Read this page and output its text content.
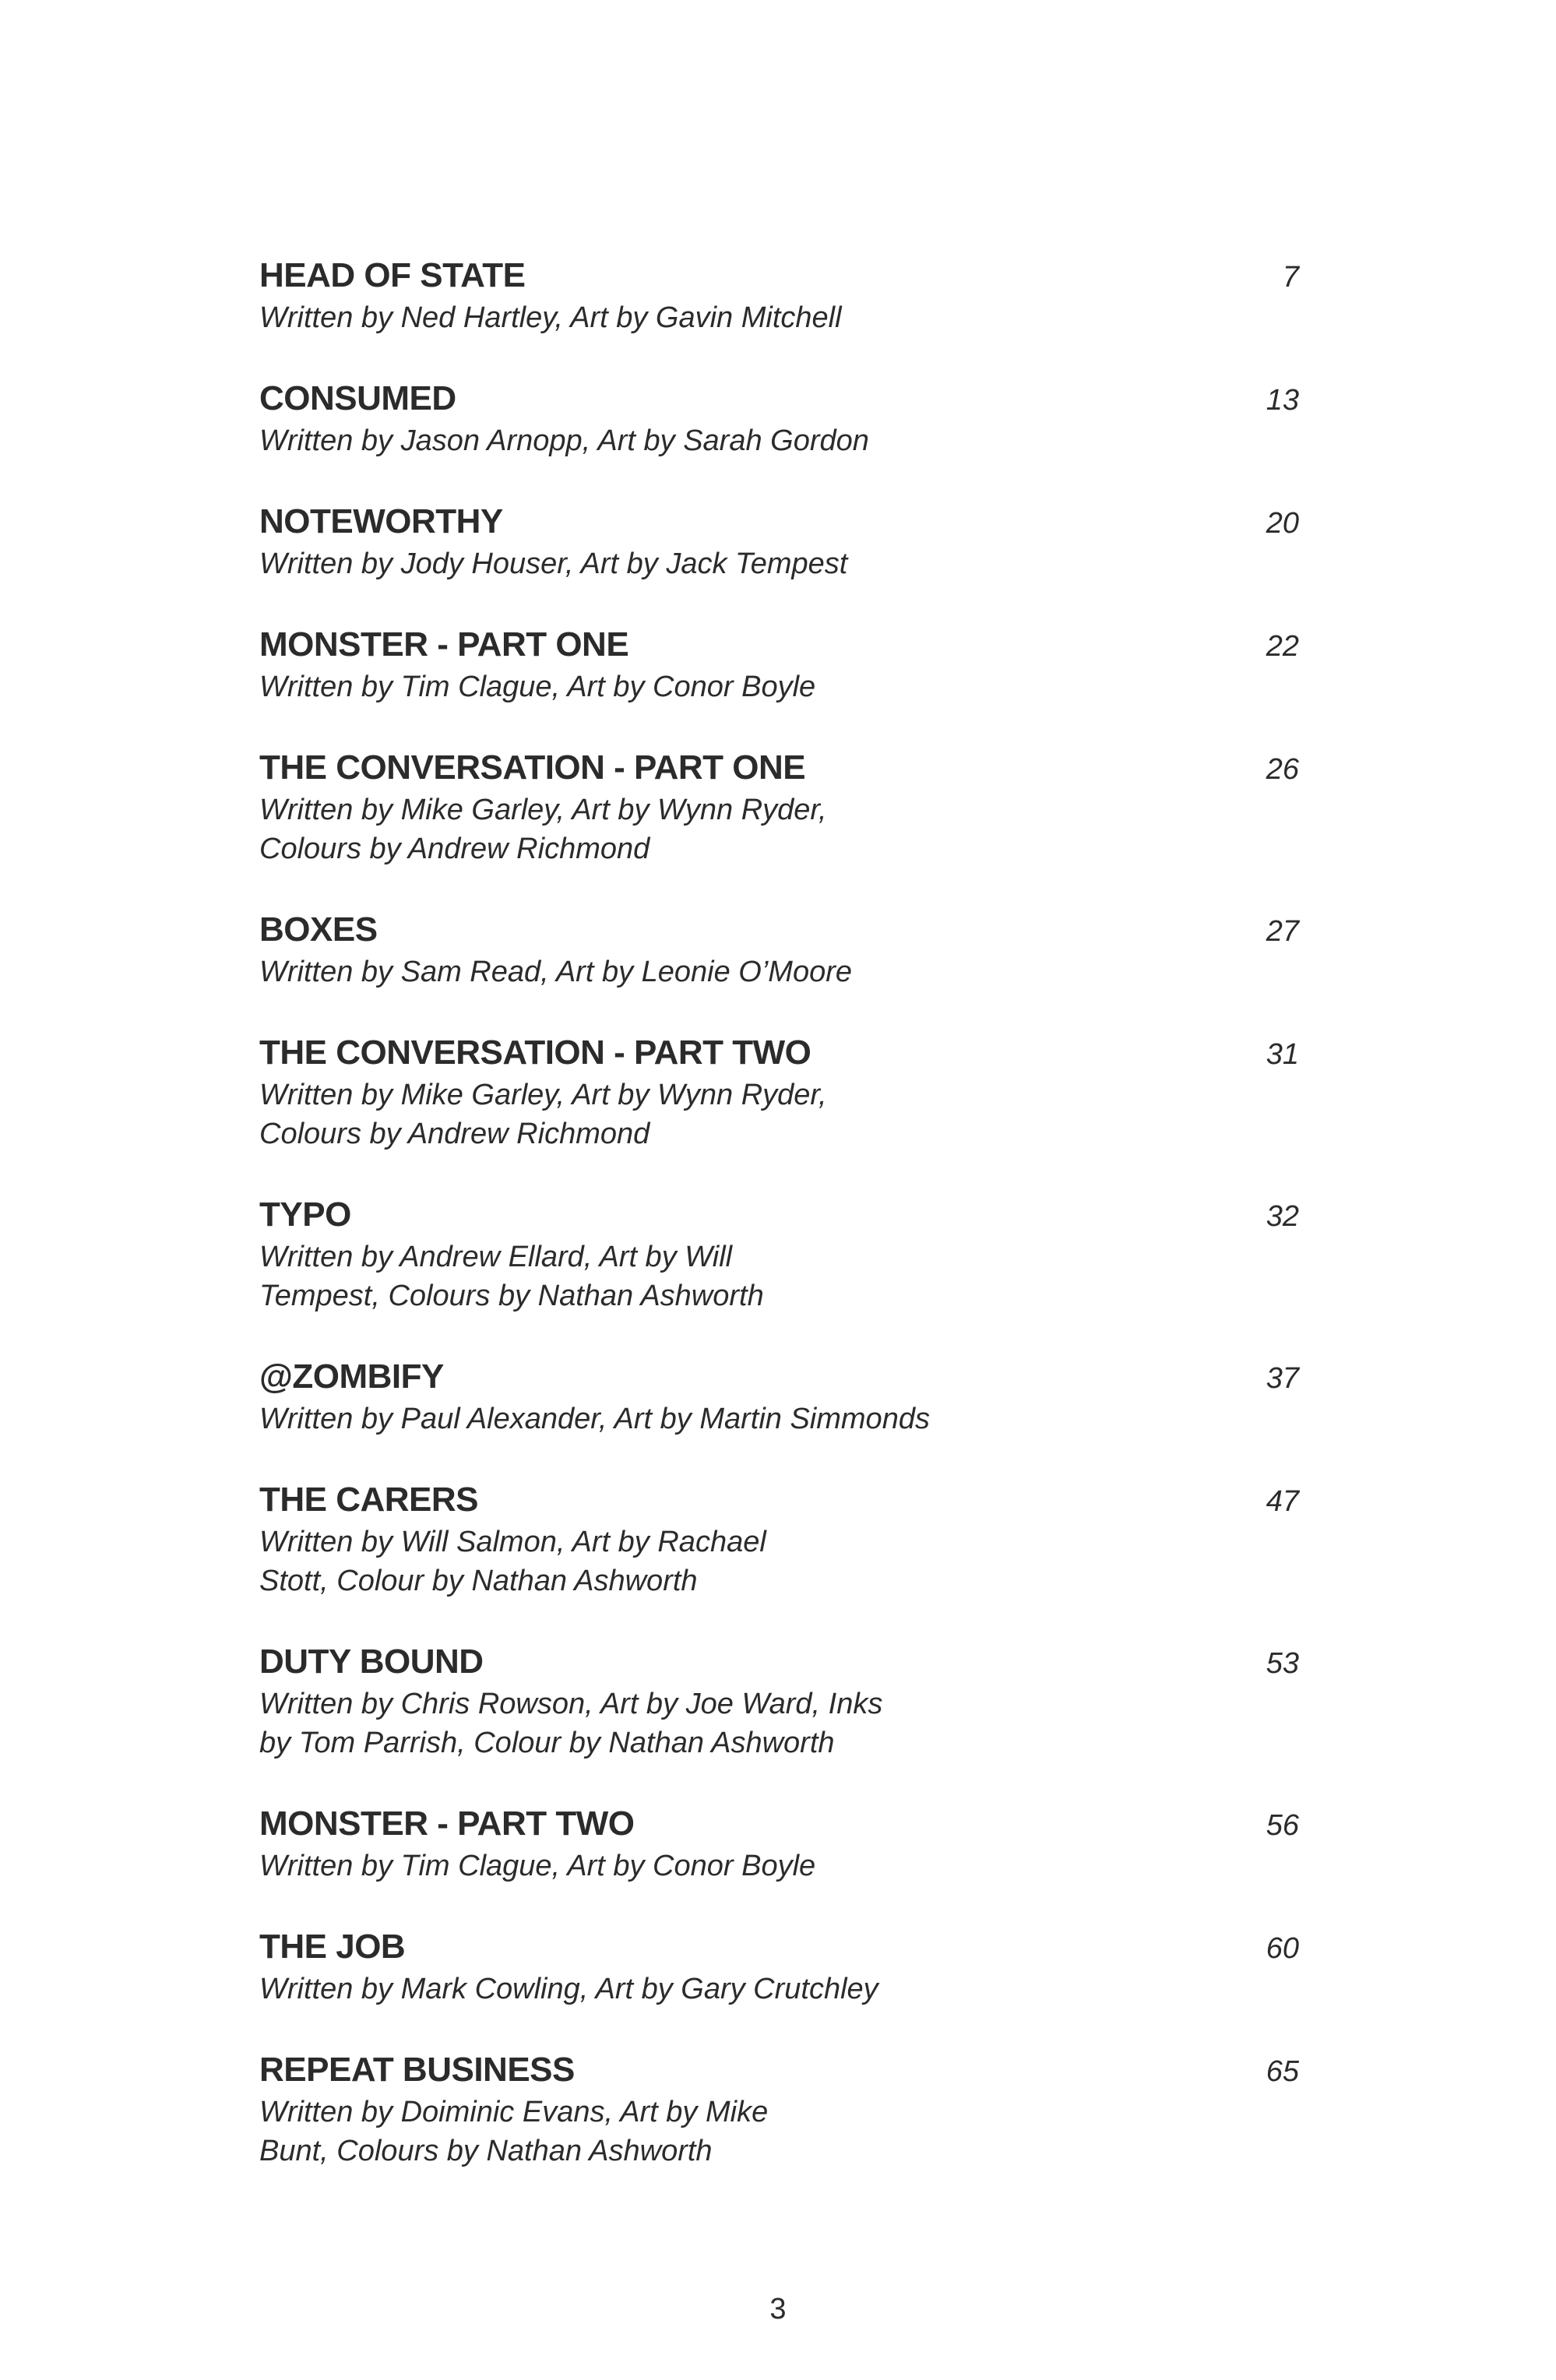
HEAD OF STATE	7
Written by Ned Hartley, Art by Gavin Mitchell
CONSUMED	13
Written by Jason Arnopp, Art by Sarah Gordon
NOTEWORTHY	20
Written by Jody Houser, Art by Jack Tempest
MONSTER - PART ONE	22
Written by Tim Clague, Art by Conor Boyle
THE CONVERSATION - PART ONE	26
Written by Mike Garley, Art by Wynn Ryder,
Colours by Andrew Richmond
BOXES	27
Written by Sam Read, Art by Leonie O’Moore
THE CONVERSATION - PART TWO	31
Written by Mike Garley, Art by Wynn Ryder,
Colours by Andrew Richmond
TYPO	32
Written by Andrew Ellard, Art by Will
Tempest, Colours by Nathan Ashworth
@ZOMBIFY	37
Written by Paul Alexander, Art by Martin Simmonds
THE CARERS	47
Written by Will Salmon, Art by Rachael
Stott, Colour by Nathan Ashworth
DUTY BOUND	53
Written by Chris Rowson, Art by Joe Ward, Inks
by Tom Parrish, Colour by Nathan Ashworth
MONSTER - PART TWO	56
Written by Tim Clague, Art by Conor Boyle
THE JOB	60
Written by Mark Cowling, Art by Gary Crutchley
REPEAT BUSINESS	65
Written by Doiminic Evans, Art by Mike
Bunt, Colours by Nathan Ashworth
3
